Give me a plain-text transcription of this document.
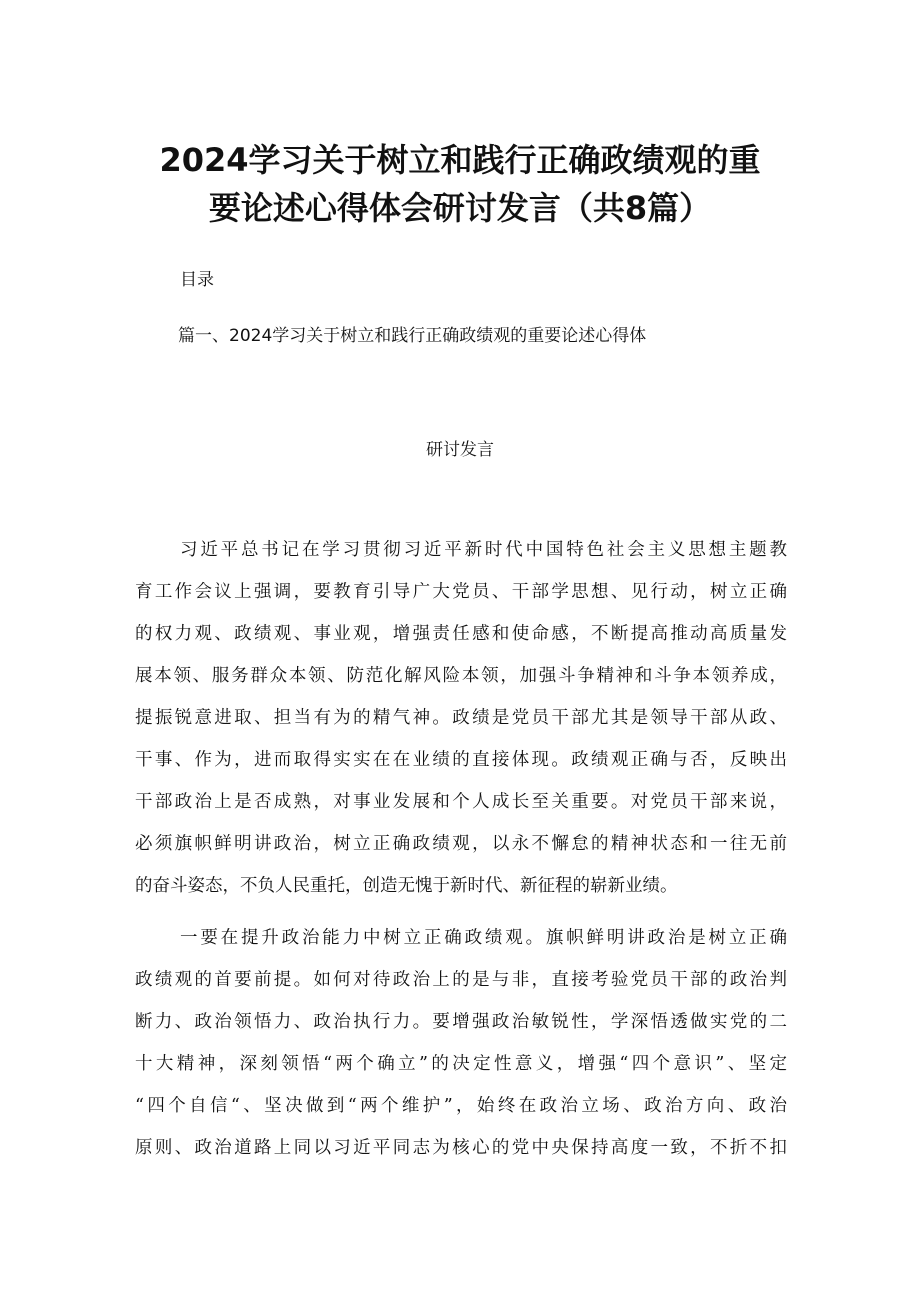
2024学习关于树立和践行正确政绩观的重
要论述心得体会研讨发言（共8篇）
目录
篇一、2024学习关于树立和践行正确政绩观的重要论述心得体
研讨发言
习近平总书记在学习贯彻习近平新时代中国特色社会主义思想主题教
育工作会议上强调，要教育引导广大党员、干部学思想、见行动，树立正确
的权力观、政绩观、事业观，增强责任感和使命感，不断提高推动高质量发
展本领、服务群众本领、防范化解风险本领，加强斗争精神和斗争本领养成，
提振锐意进取、担当有为的精气神。政绩是党员干部尤其是领导干部从政、
干事、作为，进而取得实实在在业绩的直接体现。政绩观正确与否，反映出
干部政治上是否成熟，对事业发展和个人成长至关重要。对党员干部来说，
必须旗帜鲜明讲政治，树立正确政绩观，以永不懈怠的精神状态和一往无前
的奋斗姿态，不负人民重托，创造无愧于新时代、新征程的崭新业绩。
一要在提升政治能力中树立正确政绩观。旗帜鲜明讲政治是树立正确
政绩观的首要前提。如何对待政治上的是与非，直接考验党员干部的政治判
断力、政治领悟力、政治执行力。要增强政治敏锐性，学深悟透做实党的二
十大精神，深刻领悟“两个确立”的决定性意义，增强“四个意识”、坚定
“四个自信“、坚决做到“两个维护”，始终在政治立场、政治方向、政治
原则、政治道路上同以习近平同志为核心的党中央保持高度一致，不折不扣
